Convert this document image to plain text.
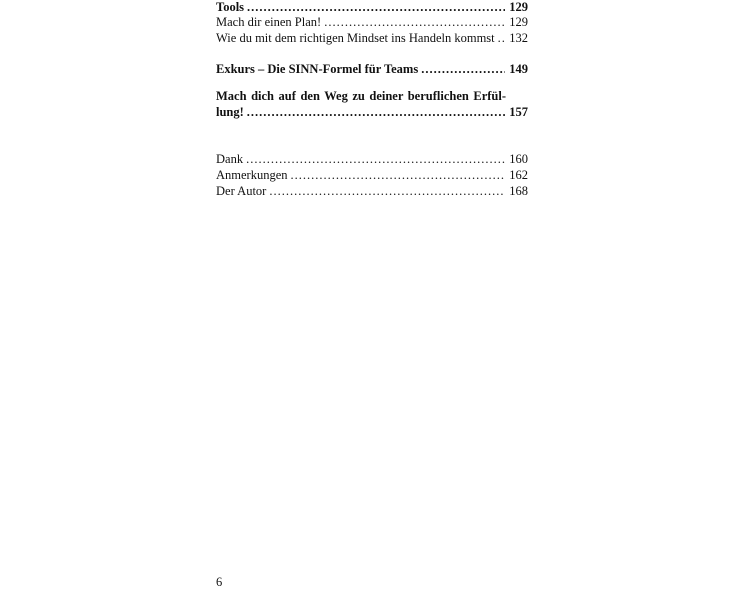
Tools .....	129
Mach dir einen Plan! .....	129
Wie du mit dem richtigen Mindset ins Handeln kommst ..... 132
Exkurs – Die SINN-Formel für Teams .....	149
Mach dich auf den Weg zu deiner beruflichen Erfül-
lung! .....	157
Dank .....	160
Anmerkungen .....	162
Der Autor .....	168
6
